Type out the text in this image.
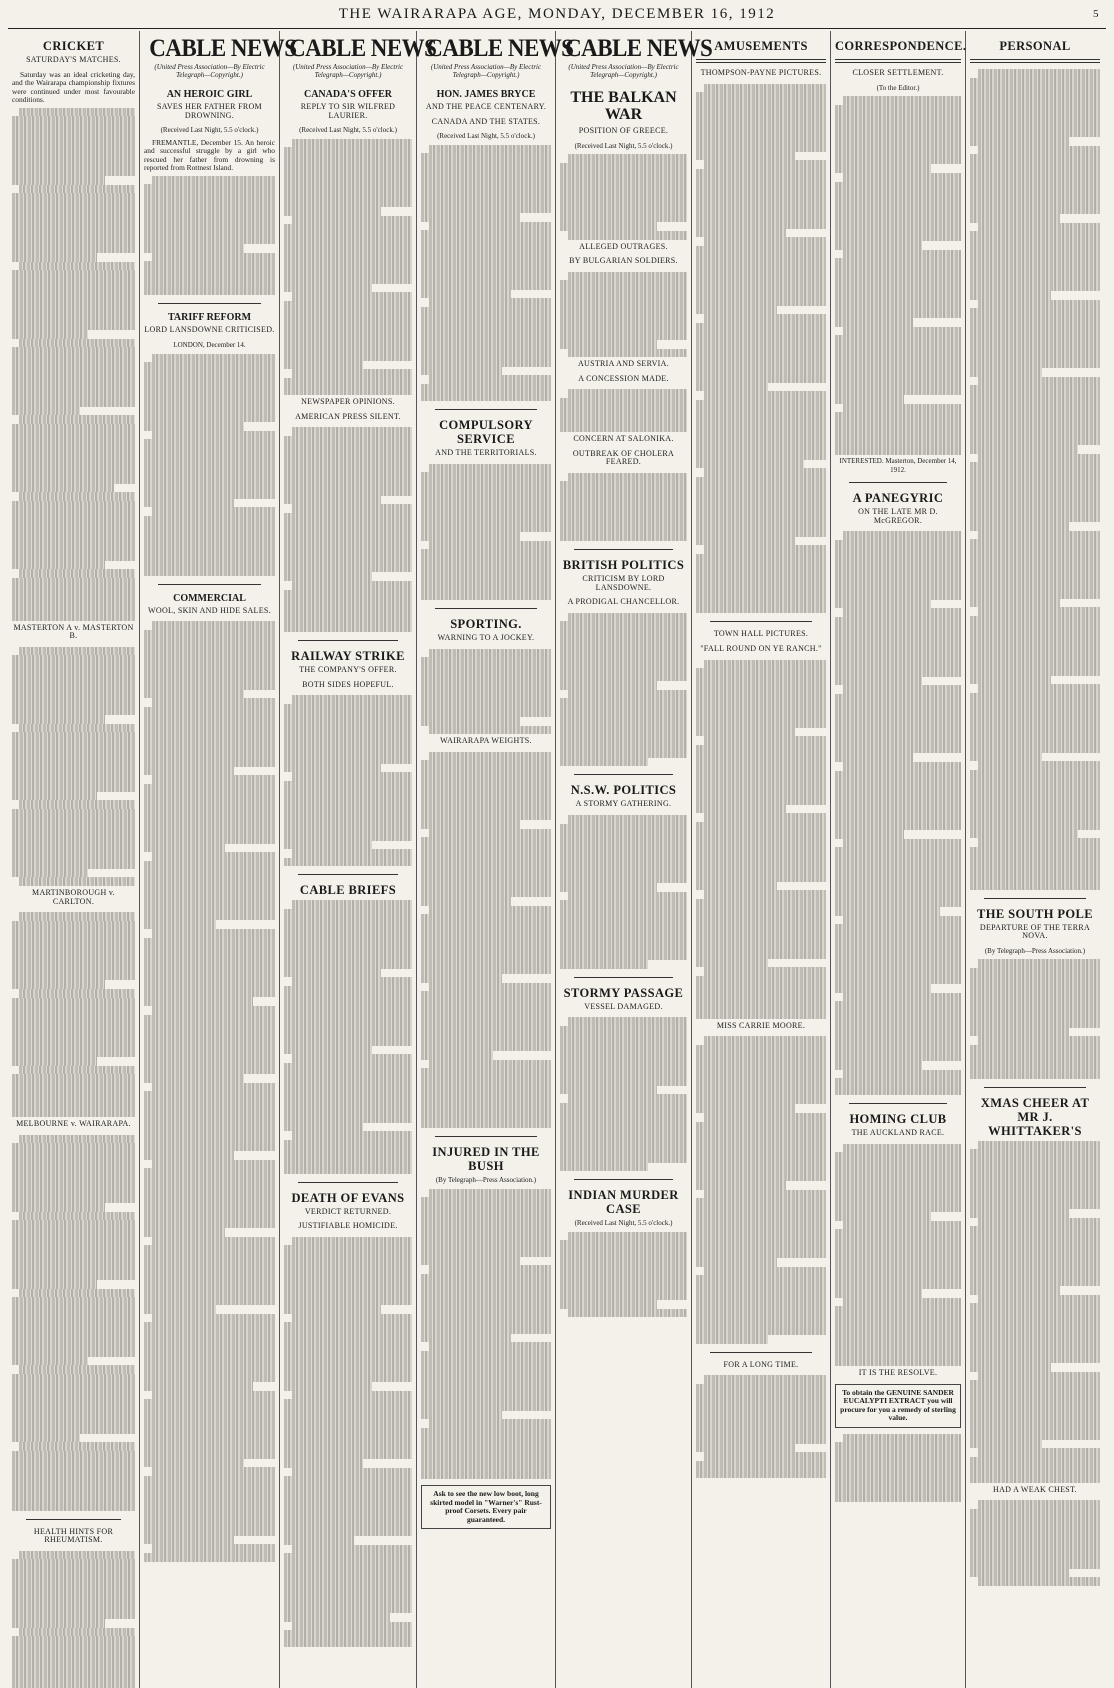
THE WAIRARAPA AGE, MONDAY, DECEMBER 16, 1912	5
CRICKET
SATURDAY'S MATCHES.

Saturday was an ideal cricketing day, and the Wairarapa championship fixtures were continued under most favourable conditions.

MASTERTON A v. MASTERTON B.
MARTINBOROUGH v. CARLTON.
MELBOURNE v. WAIRARAPA.
HEALTH HINTS FOR RHEUMATISM.
CABLE NEWS
(United Press Association—By Electric Telegraph—Copyright.)
AN HEROIC GIRL
SAVES HER FATHER FROM DROWNING.
(Received Last Night, 5.5 o'clock.)

FREMANTLE, December 15. An heroic and successful struggle by a girl who rescued her father from drowning is reported from Rottnest Island.

TARIFF REFORM
LORD LANSDOWNE CRITICISED.
LONDON, December 14.
COMMERCIAL
WOOL, SKIN AND HIDE SALES.
CABLE NEWS
(United Press Association—By Electric Telegraph—Copyright.)
CANADA'S OFFER
REPLY TO SIR WILFRED LAURIER.
(Received Last Night, 5.5 o'clock.)
NEWSPAPER OPINIONS.
AMERICAN PRESS SILENT.
RAILWAY STRIKE
THE COMPANY'S OFFER.
BOTH SIDES HOPEFUL.
CABLE BRIEFS
DEATH OF EVANS
VERDICT RETURNED.
JUSTIFIABLE HOMICIDE.
CABLE NEWS
(United Press Association—By Electric Telegraph—Copyright.)
HON. JAMES BRYCE
AND THE PEACE CENTENARY.
CANADA AND THE STATES.
(Received Last Night, 5.5 o'clock.)
COMPULSORY SERVICE
AND THE TERRITORIALS.
SPORTING.
WARNING TO A JOCKEY.
WAIRARAPA WEIGHTS.
INJURED IN THE BUSH
(By Telegraph—Press Association.)
Ask to see the new low boot, long skirted model in "Warner's" Rust-proof Corsets. Every pair guaranteed.
CABLE NEWS
(United Press Association—By Electric Telegraph—Copyright.)
THE BALKAN WAR
POSITION OF GREECE.
(Received Last Night, 5.5 o'clock.)
ALLEGED OUTRAGES.
BY BULGARIAN SOLDIERS.
AUSTRIA AND SERVIA.
A CONCESSION MADE.
CONCERN AT SALONIKA.
OUTBREAK OF CHOLERA FEARED.
BRITISH POLITICS
CRITICISM BY LORD LANSDOWNE.
A PRODIGAL CHANCELLOR.
N.S.W. POLITICS
A STORMY GATHERING.
STORMY PASSAGE
VESSEL DAMAGED.
INDIAN MURDER CASE
(Received Last Night, 5.5 o'clock.)
AMUSEMENTS
THOMPSON-PAYNE PICTURES.
TOWN HALL PICTURES.
"FALL ROUND ON YE RANCH."
MISS CARRIE MOORE.
FOR A LONG TIME.
CORRESPONDENCE.
CLOSER SETTLEMENT.
(To the Editor.)
INTERESTED. Masterton, December 14, 1912.
A PANEGYRIC
ON THE LATE MR D. McGREGOR.
HOMING CLUB
THE AUCKLAND RACE.
IT IS THE RESOLVE.
To obtain the GENUINE SANDER EUCALYPTI EXTRACT you will procure for you a remedy of sterling value.
PERSONAL
THE SOUTH POLE
DEPARTURE OF THE TERRA NOVA.
(By Telegraph—Press Association.)
XMAS CHEER AT MR J. WHITTAKER'S
HAD A WEAK CHEST.
